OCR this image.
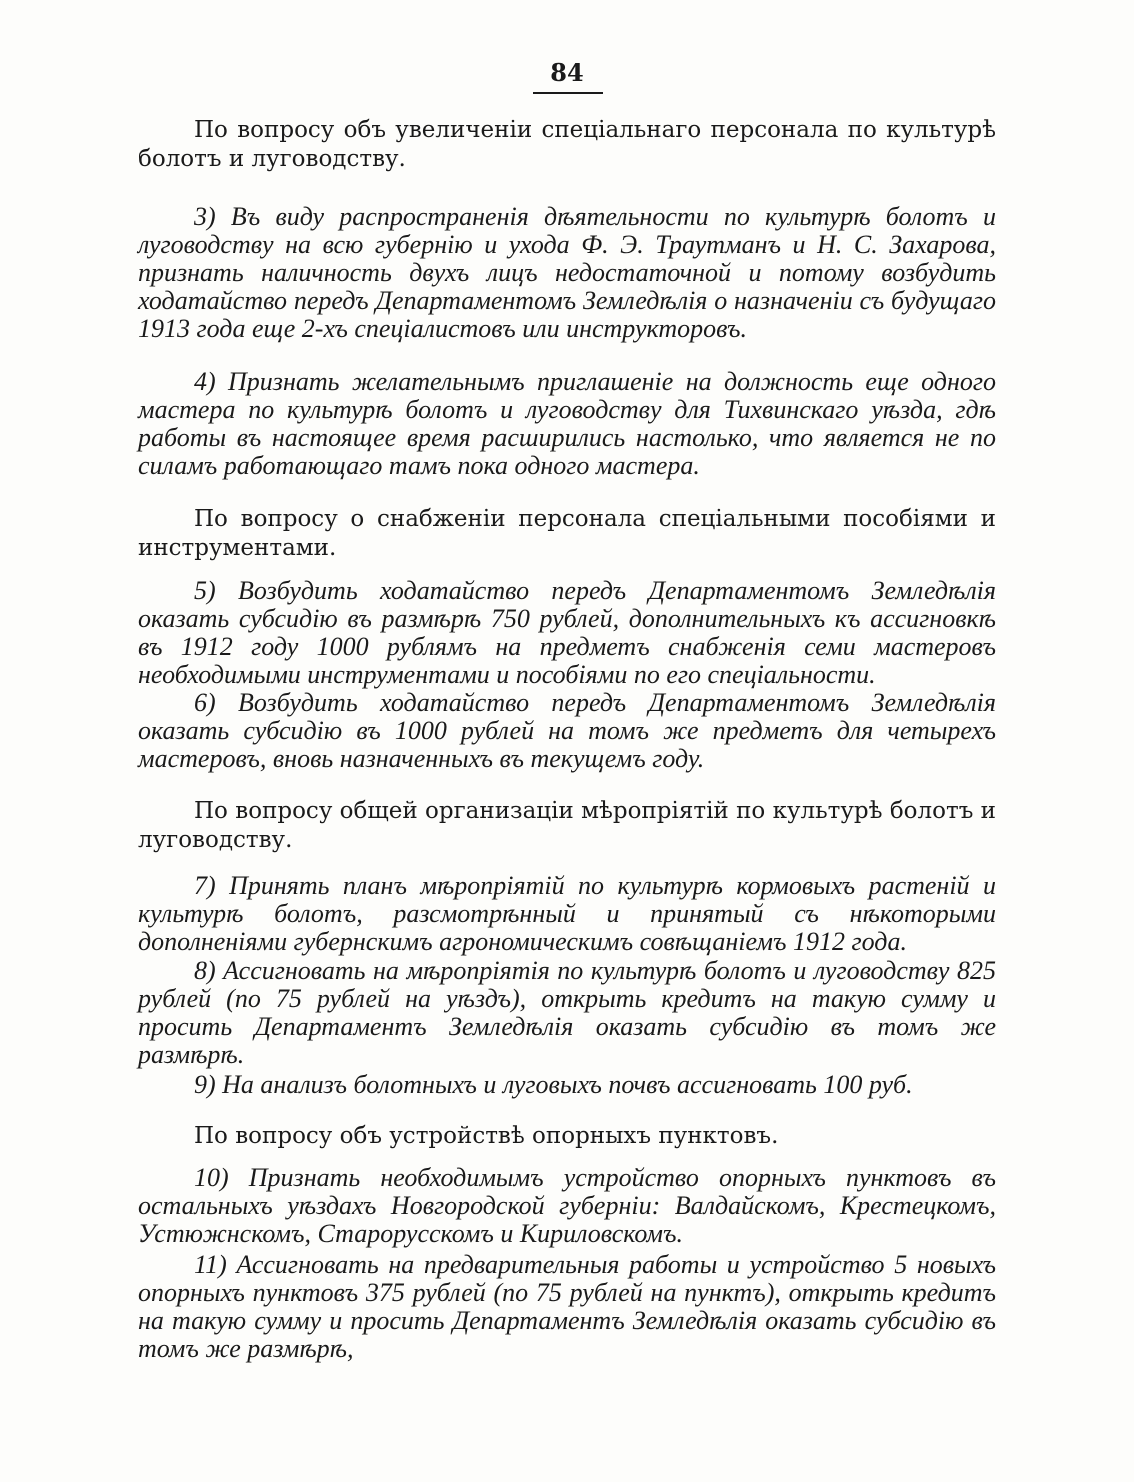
84

По вопросу объ увеличеніи спеціальнаго персонала по культурѣ болотъ и луговодству.

3) Въ виду распространенія дѣятельности по культурѣ болотъ и луговодству на всю губернію и ухода Ф. Э. Траутманъ и Н. С. Захарова, признать наличность двухъ лицъ недостаточной и потому возбудить ходатайство передъ Департаментомъ Земледѣлія о назначеніи съ будущаго 1913 года еще 2-хъ спеціалистовъ или инструкторовъ.

4) Признать желательнымъ приглашеніе на должность еще одного мастера по культурѣ болотъ и луговодству для Тихвинскаго уѣзда, гдѣ работы въ настоящее время расширились настолько, что является не по силамъ работающаго тамъ пока одного мастера.

По вопросу о снабженіи персонала спеціальными пособіями и инструментами.

5) Возбудить ходатайство передъ Департаментомъ Земледѣлія оказать субсидію въ размѣрѣ 750 рублей, дополнительныхъ къ ассигновкѣ въ 1912 году 1000 рублямъ на предметъ снабженія семи мастеровъ необходимыми инструментами и пособіями по его спеціальности.

6) Возбудить ходатайство передъ Департаментомъ Земледѣлія оказать субсидію въ 1000 рублей на томъ же предметъ для четырехъ мастеровъ, вновь назначенныхъ въ текущемъ году.

По вопросу общей организаціи мѣропріятій по культурѣ болотъ и луговодству.

7) Принять планъ мѣропріятій по культурѣ кормовыхъ растеній и культурѣ болотъ, разсмотрѣнный и принятый съ нѣкоторыми дополненіями губернскимъ агрономическимъ совѣщаніемъ 1912 года.

8) Ассигновать на мѣропріятія по культурѣ болотъ и луговодству 825 рублей (по 75 рублей на уѣздъ), открыть кредитъ на такую сумму и просить Департаментъ Земледѣлія оказать субсидію въ томъ же размѣрѣ.

9) На анализъ болотныхъ и луговыхъ почвъ ассигновать 100 руб.

По вопросу объ устройствѣ опорныхъ пунктовъ.

10) Признать необходимымъ устройство опорныхъ пунктовъ въ остальныхъ уѣздахъ Новгородской губерніи: Валдайскомъ, Крестецкомъ, Устюжнскомъ, Старорусскомъ и Кириловскомъ.

11) Ассигновать на предварительныя работы и устройство 5 новыхъ опорныхъ пунктовъ 375 рублей (по 75 рублей на пунктъ), открыть кредитъ на такую сумму и просить Департаментъ Земледѣлія оказать субсидію въ томъ же размѣрѣ,
